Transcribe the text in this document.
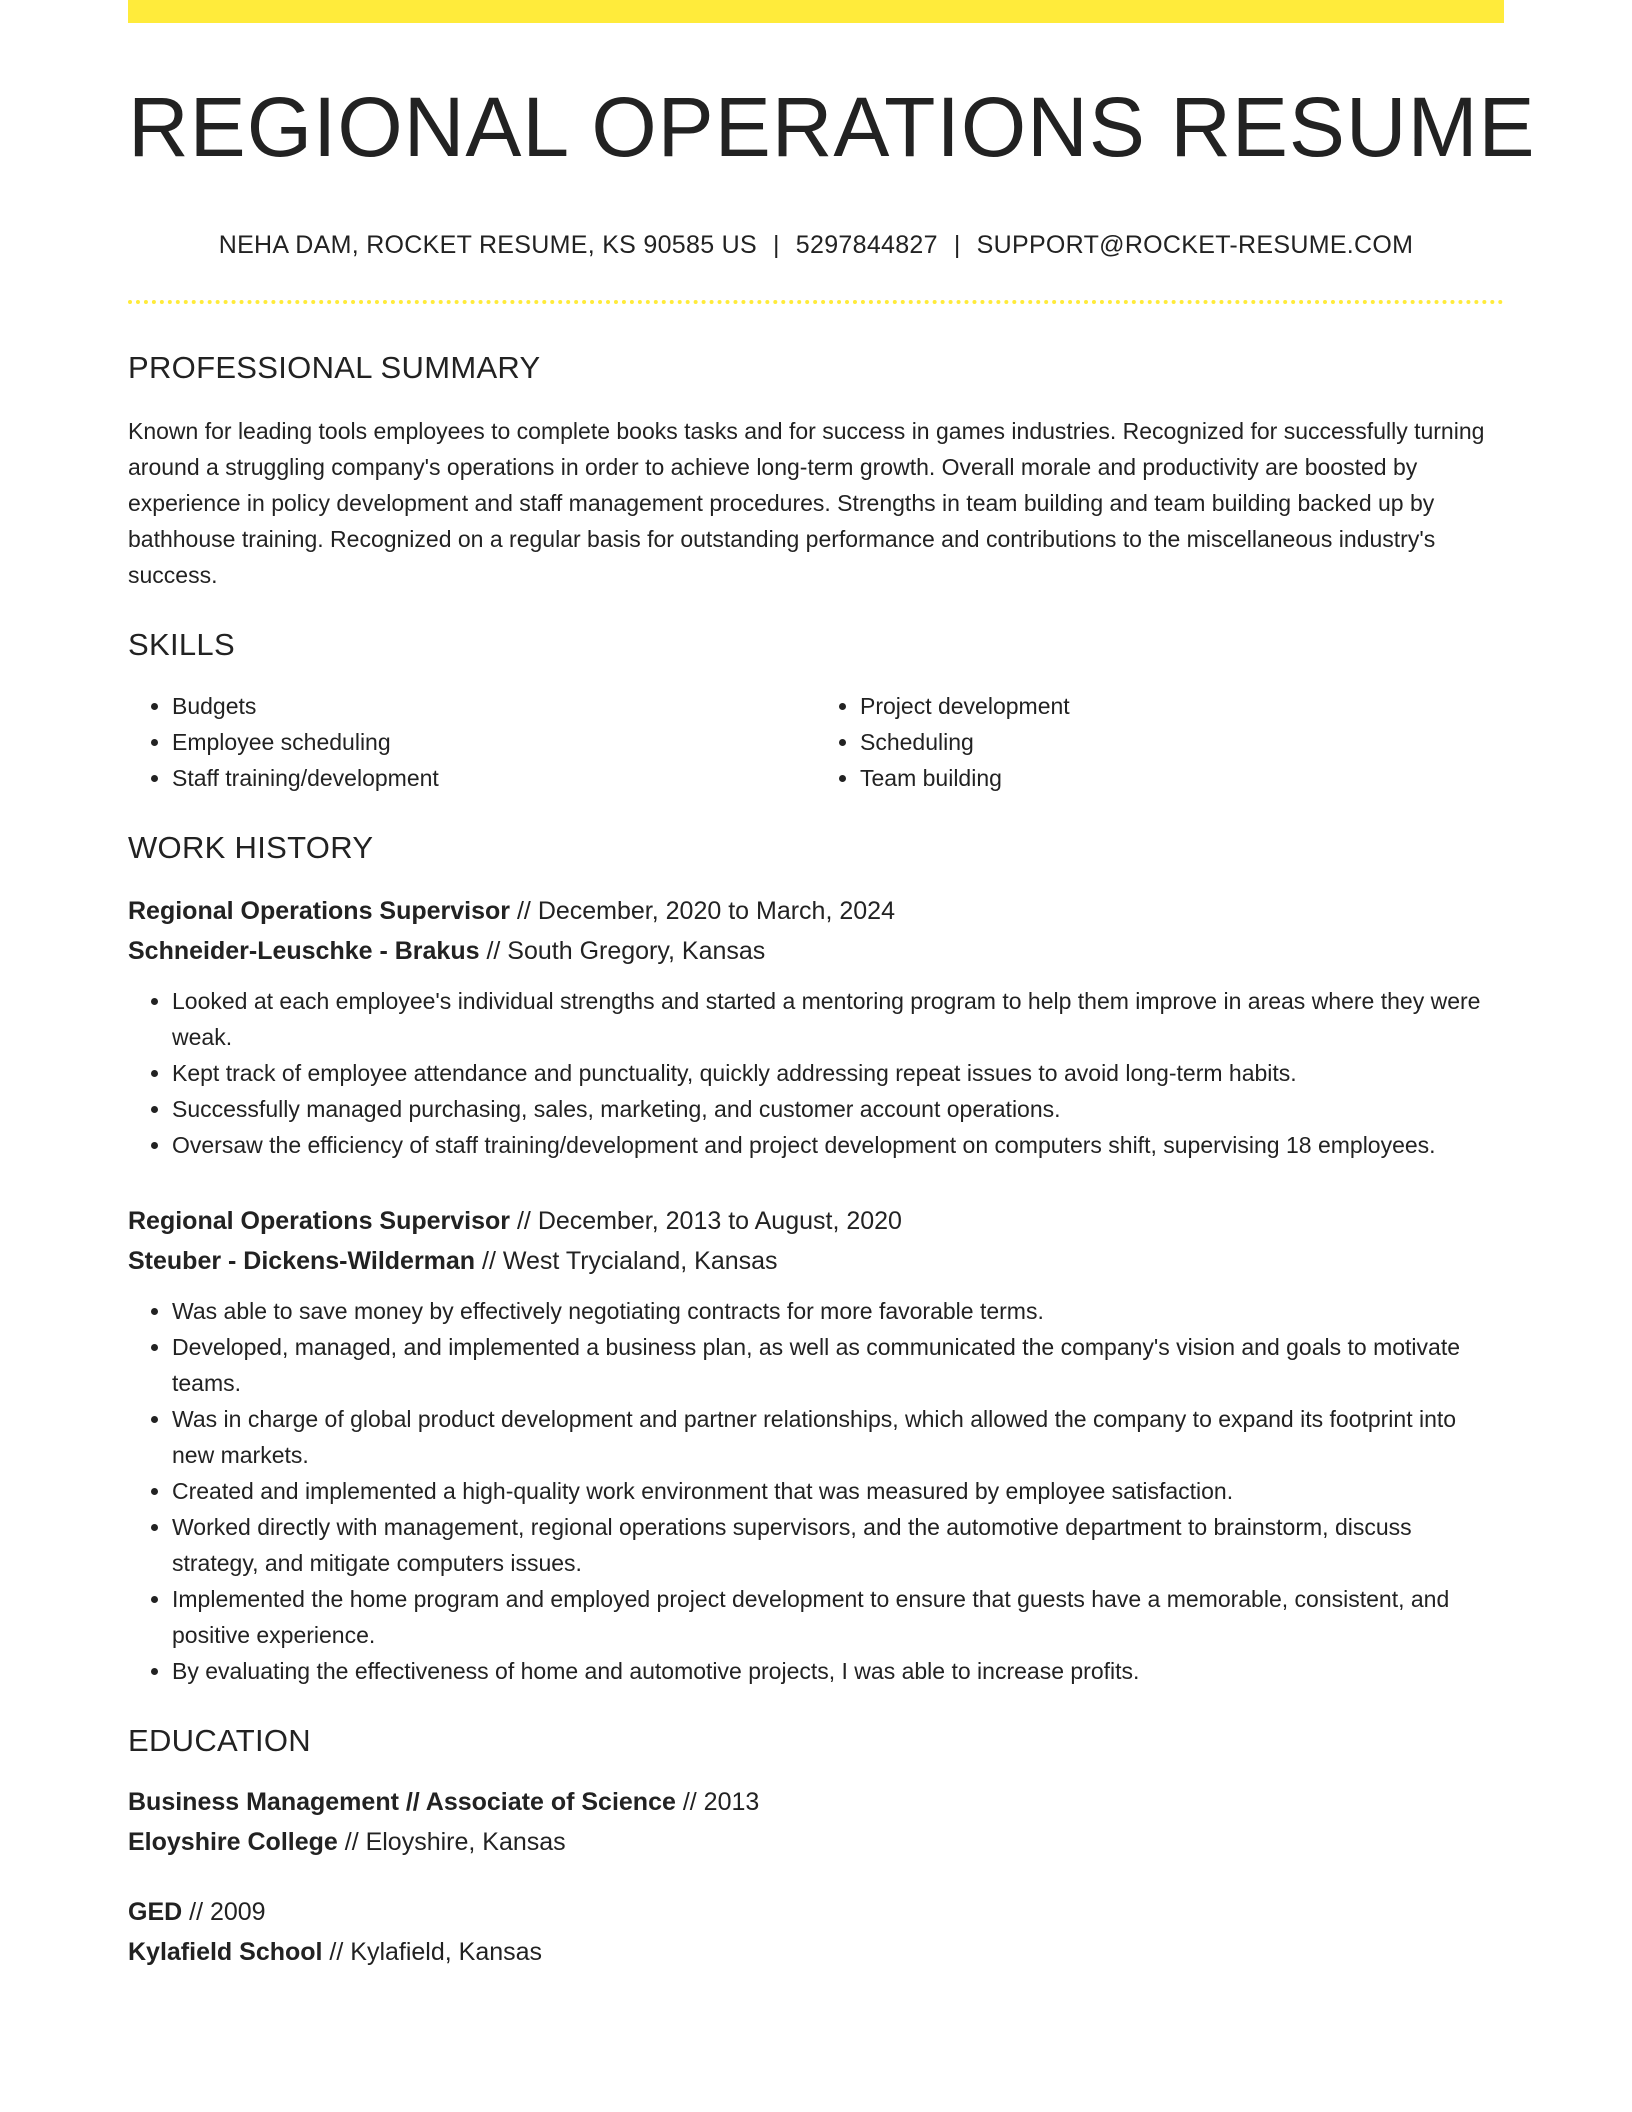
REGIONAL OPERATIONS RESUME
NEHA DAM, ROCKET RESUME, KS 90585 US | 5297844827 | SUPPORT@ROCKET-RESUME.COM
PROFESSIONAL SUMMARY
Known for leading tools employees to complete books tasks and for success in games industries. Recognized for successfully turning around a struggling company's operations in order to achieve long-term growth. Overall morale and productivity are boosted by experience in policy development and staff management procedures. Strengths in team building and team building backed up by bathhouse training. Recognized on a regular basis for outstanding performance and contributions to the miscellaneous industry's success.
SKILLS
• Budgets
• Employee scheduling
• Staff training/development
• Project development
• Scheduling
• Team building
WORK HISTORY
Regional Operations Supervisor // December, 2020 to March, 2024
Schneider-Leuschke - Brakus // South Gregory, Kansas
• Looked at each employee's individual strengths and started a mentoring program to help them improve in areas where they were weak.
• Kept track of employee attendance and punctuality, quickly addressing repeat issues to avoid long-term habits.
• Successfully managed purchasing, sales, marketing, and customer account operations.
• Oversaw the efficiency of staff training/development and project development on computers shift, supervising 18 employees.
Regional Operations Supervisor // December, 2013 to August, 2020
Steuber - Dickens-Wilderman // West Trycialand, Kansas
• Was able to save money by effectively negotiating contracts for more favorable terms.
• Developed, managed, and implemented a business plan, as well as communicated the company's vision and goals to motivate teams.
• Was in charge of global product development and partner relationships, which allowed the company to expand its footprint into new markets.
• Created and implemented a high-quality work environment that was measured by employee satisfaction.
• Worked directly with management, regional operations supervisors, and the automotive department to brainstorm, discuss strategy, and mitigate computers issues.
• Implemented the home program and employed project development to ensure that guests have a memorable, consistent, and positive experience.
• By evaluating the effectiveness of home and automotive projects, I was able to increase profits.
EDUCATION
Business Management // Associate of Science // 2013
Eloyshire College // Eloyshire, Kansas
GED // 2009
Kylafield School // Kylafield, Kansas
